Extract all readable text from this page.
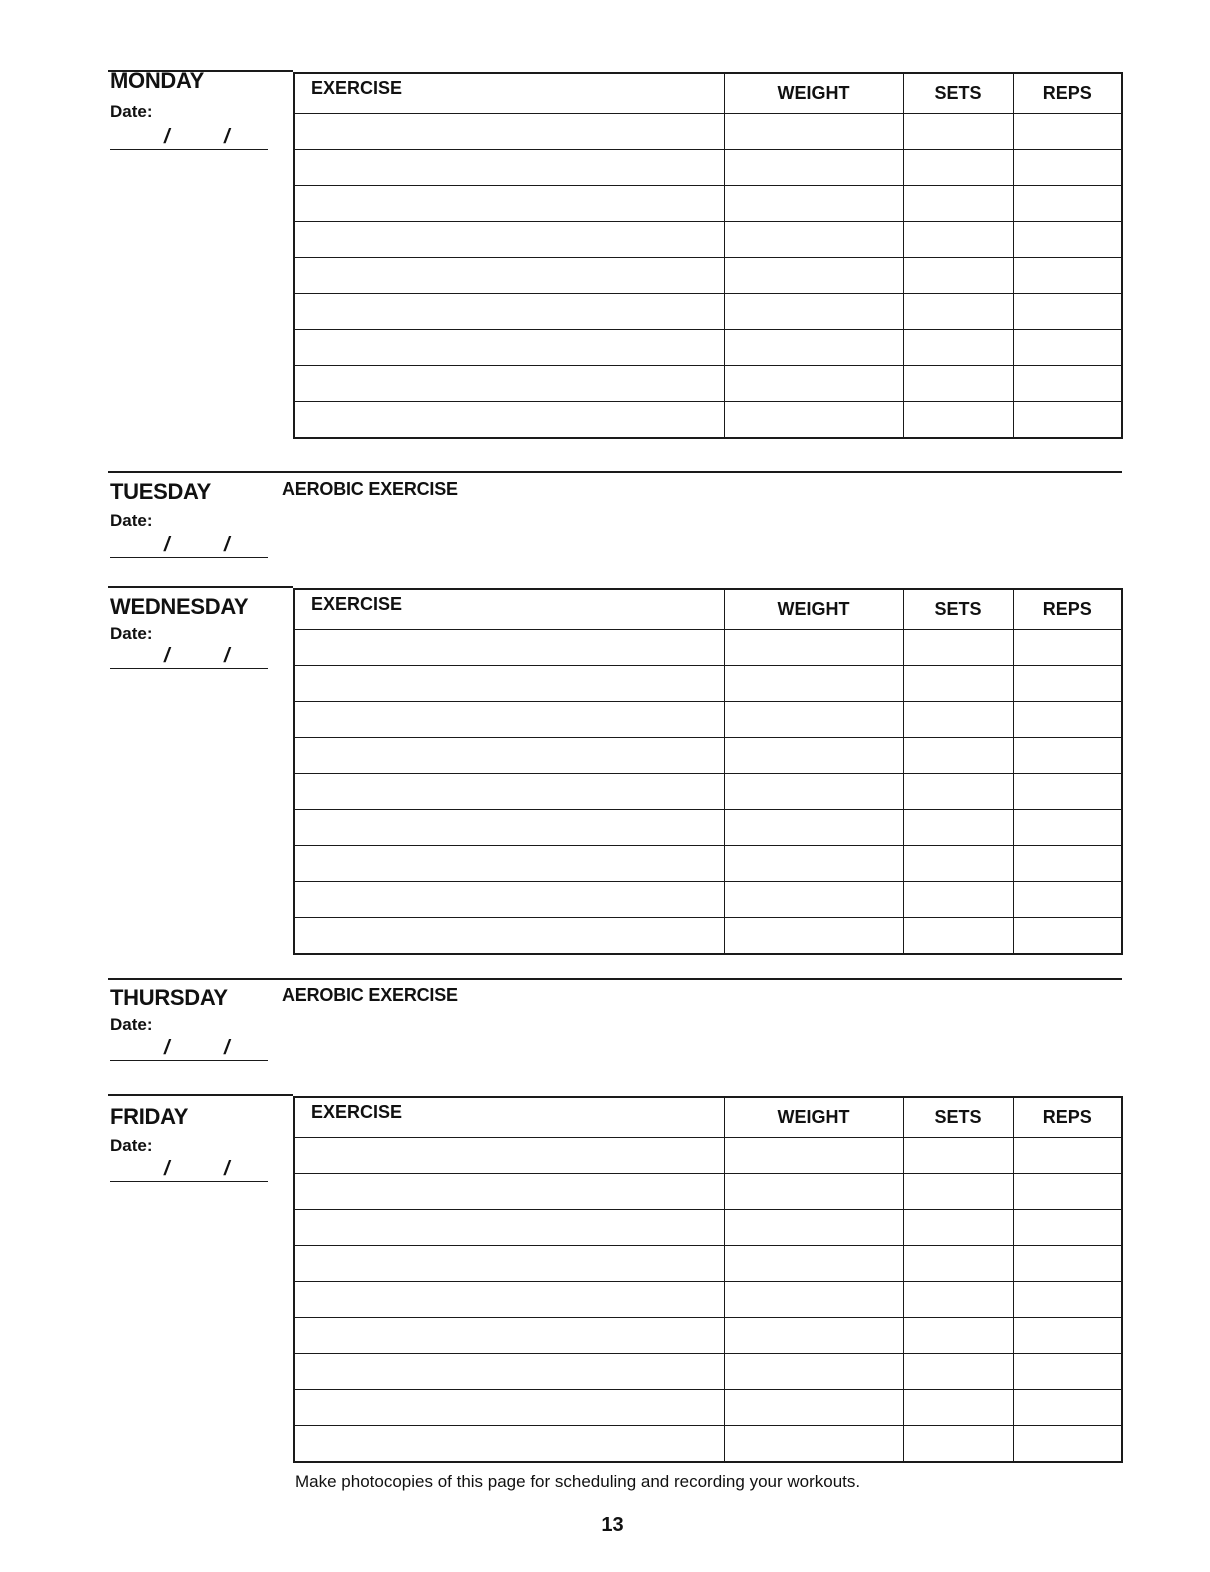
MONDAY
Date:
/	/
EXERCISE	WEIGHT	SETS	REPS

TUESDAY	AEROBIC EXERCISE
Date:
/	/
WEDNESDAY
Date:
/	/
EXERCISE	WEIGHT	SETS	REPS

THURSDAY	AEROBIC EXERCISE
Date:
/	/
FRIDAY
Date:
/	/
EXERCISE	WEIGHT	SETS	REPS

Make photocopies of this page for scheduling and recording your workouts.
13
